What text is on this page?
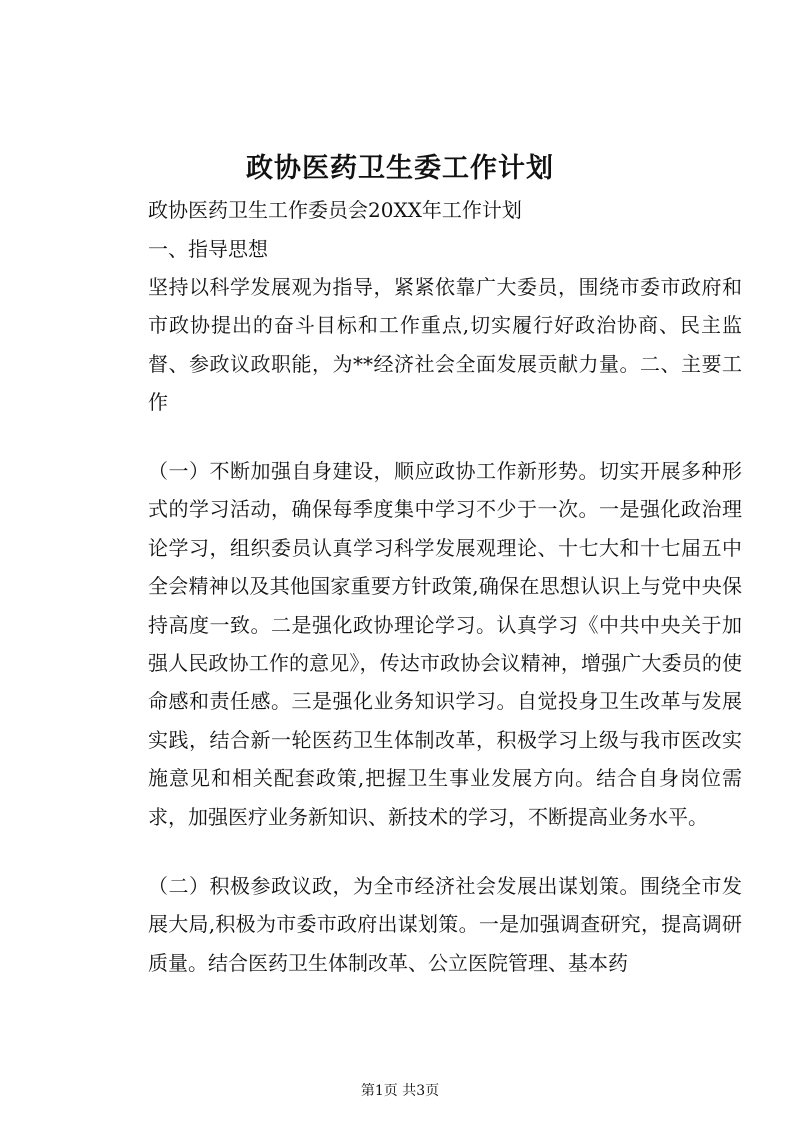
政协医药卫生委工作计划
政协医药卫生工作委员会20XX年工作计划
一、指导思想
坚持以科学发展观为指导，紧紧依靠广大委员，围绕市委市政府和市政协提出的奋斗目标和工作重点,切实履行好政治协商、民主监督、参政议政职能，为**经济社会全面发展贡献力量。二、主要工作
（一）不断加强自身建设，顺应政协工作新形势。切实开展多种形式的学习活动，确保每季度集中学习不少于一次。一是强化政治理论学习，组织委员认真学习科学发展观理论、十七大和十七届五中全会精神以及其他国家重要方针政策,确保在思想认识上与党中央保持高度一致。二是强化政协理论学习。认真学习《中共中央关于加强人民政协工作的意见》，传达市政协会议精神，增强广大委员的使命感和责任感。三是强化业务知识学习。自觉投身卫生改革与发展实践，结合新一轮医药卫生体制改革，积极学习上级与我市医改实施意见和相关配套政策,把握卫生事业发展方向。结合自身岗位需求，加强医疗业务新知识、新技术的学习，不断提高业务水平。
（二）积极参政议政，为全市经济社会发展出谋划策。围绕全市发展大局,积极为市委市政府出谋划策。一是加强调查研究，提高调研质量。结合医药卫生体制改革、公立医院管理、基本药
第1页 共3页
